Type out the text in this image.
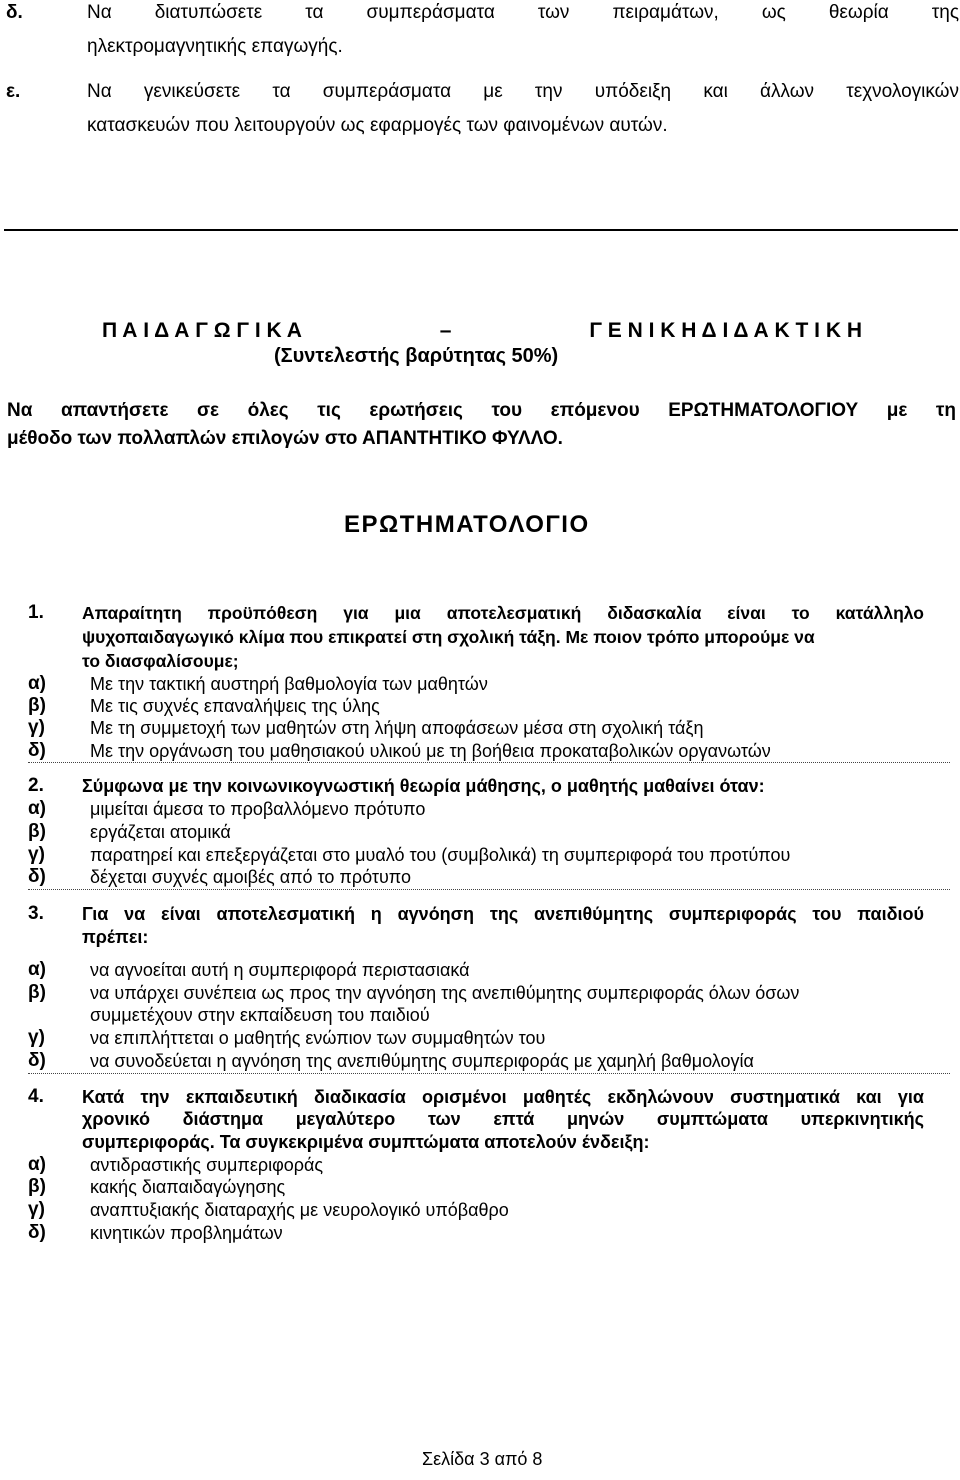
δ.	Να διατυπώσετε τα συμπεράσματα των πειραμάτων, ως θεωρία της
ηλεκτρομαγνητικής επαγωγής.
ε.	Να γενικεύσετε τα συμπεράσματα με την υπόδειξη και άλλων τεχνολογικών
κατασκευών που λειτουργούν ως εφαρμογές των φαινομένων αυτών.
Π Α Ι Δ Α Γ Ω Γ Ι Κ Α	–	Γ Ε Ν Ι Κ Η Δ Ι Δ Α Κ Τ Ι Κ Η
(Συντελεστής βαρύτητας 50%)
Να απαντήσετε σε όλες τις ερωτήσεις του επόμενου ΕΡΩΤΗΜΑΤΟΛΟΓΙΟΥ με τη
μέθοδο των πολλαπλών επιλογών στο ΑΠΑΝΤΗΤΙΚΟ ΦΥΛΛΟ.
ΕΡΩΤΗΜΑΤΟΛΟΓΙΟ
1. Απαραίτητη προϋπόθεση για μια αποτελεσματική διδασκαλία είναι το κατάλληλο
ψυχοπαιδαγωγικό κλίμα που επικρατεί στη σχολική τάξη. Με ποιον τρόπο μπορούμε να
το διασφαλίσουμε;
α) Με την τακτική αυστηρή βαθμολογία των μαθητών
β) Με τις συχνές επαναλήψεις της ύλης
γ)	Με τη συμμετοχή των μαθητών στη λήψη αποφάσεων μέσα στη σχολική τάξη
δ) Με την οργάνωση του μαθησιακού υλικού με τη βοήθεια προκαταβολικών οργανωτών
2. Σύμφωνα με την κοινωνικογνωστική θεωρία μάθησης, ο μαθητής μαθαίνει όταν:
α) μιμείται άμεσα το προβαλλόμενο πρότυπο
β) εργάζεται ατομικά
γ)	παρατηρεί και επεξεργάζεται στο μυαλό του (συμβολικά) τη συμπεριφορά του προτύπου
δ) δέχεται συχνές αμοιβές από το πρότυπο
3. Για να είναι αποτελεσματική η αγνόηση της ανεπιθύμητης συμπεριφοράς του παιδιού
πρέπει:
α) να αγνοείται αυτή η συμπεριφορά περιστασιακά
β) να υπάρχει συνέπεια ως προς την αγνόηση της ανεπιθύμητης συμπεριφοράς όλων όσων
συμμετέχουν στην εκπαίδευση του παιδιού
γ)	να επιπλήττεται ο μαθητής ενώπιον των συμμαθητών του
δ) να συνοδεύεται η αγνόηση της ανεπιθύμητης συμπεριφοράς με χαμηλή βαθμολογία
4. Κατά την εκπαιδευτική διαδικασία ορισμένοι μαθητές εκδηλώνουν συστηματικά και για
χρονικό διάστημα μεγαλύτερο των επτά μηνών συμπτώματα υπερκινητικής
συμπεριφοράς. Τα συγκεκριμένα συμπτώματα αποτελούν ένδειξη:
α) αντιδραστικής συμπεριφοράς
β) κακής διαπαιδαγώγησης
γ)	αναπτυξιακής διαταραχής με νευρολογικό υπόβαθρο
δ) κινητικών προβλημάτων
Σελίδα 3 από 8
